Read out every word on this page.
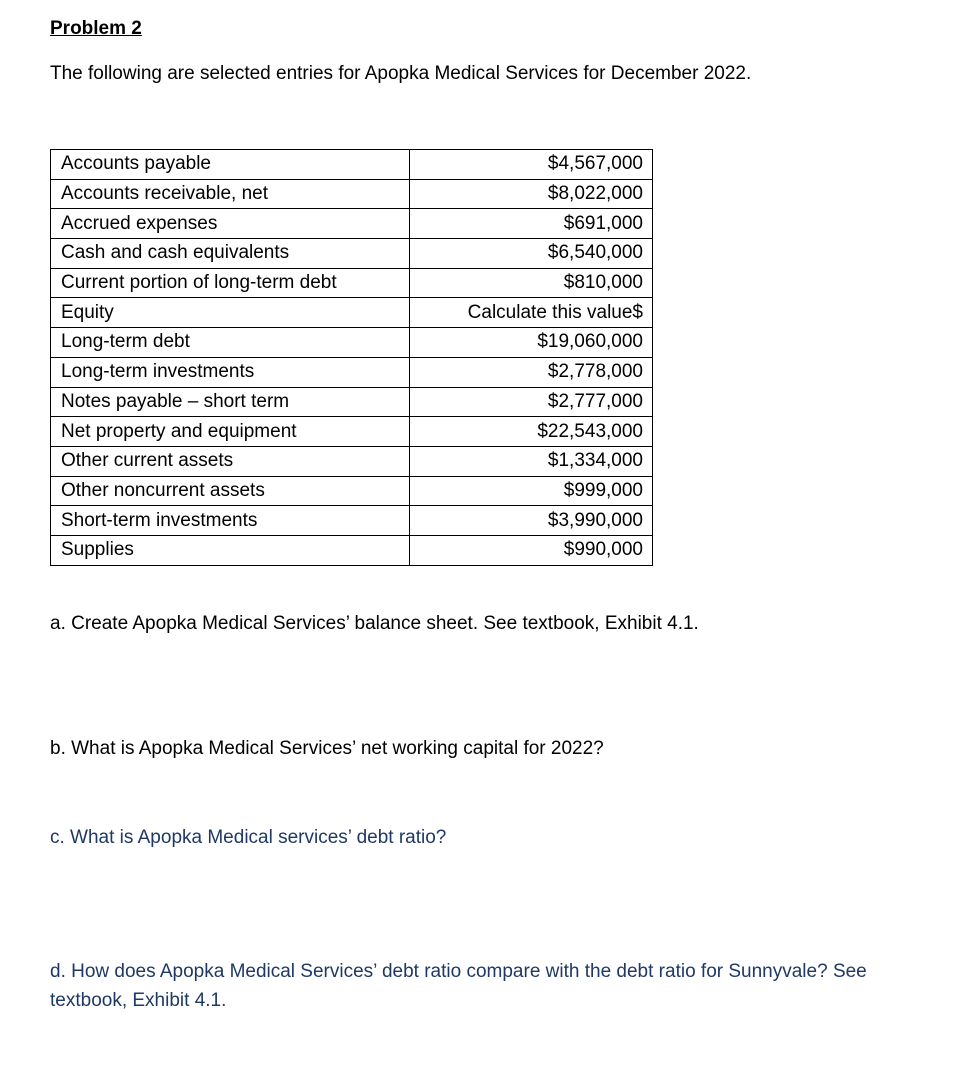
Problem 2
The following are selected entries for Apopka Medical Services for December 2022.
Accounts payable	$4,567,000
Accounts receivable, net	$8,022,000
Accrued expenses	$691,000
Cash and cash equivalents	$6,540,000
Current portion of long-term debt	$810,000
Equity	Calculate this value$
Long-term debt	$19,060,000
Long-term investments	$2,778,000
Notes payable – short term	$2,777,000
Net property and equipment	$22,543,000
Other current assets	$1,334,000
Other noncurrent assets	$999,000
Short-term investments	$3,990,000
Supplies	$990,000
a. Create Apopka Medical Services’ balance sheet. See textbook, Exhibit 4.1.
b. What is Apopka Medical Services’ net working capital for 2022?
c. What is Apopka Medical services’ debt ratio?
d. How does Apopka Medical Services’ debt ratio compare with the debt ratio for Sunnyvale? See textbook, Exhibit 4.1.
